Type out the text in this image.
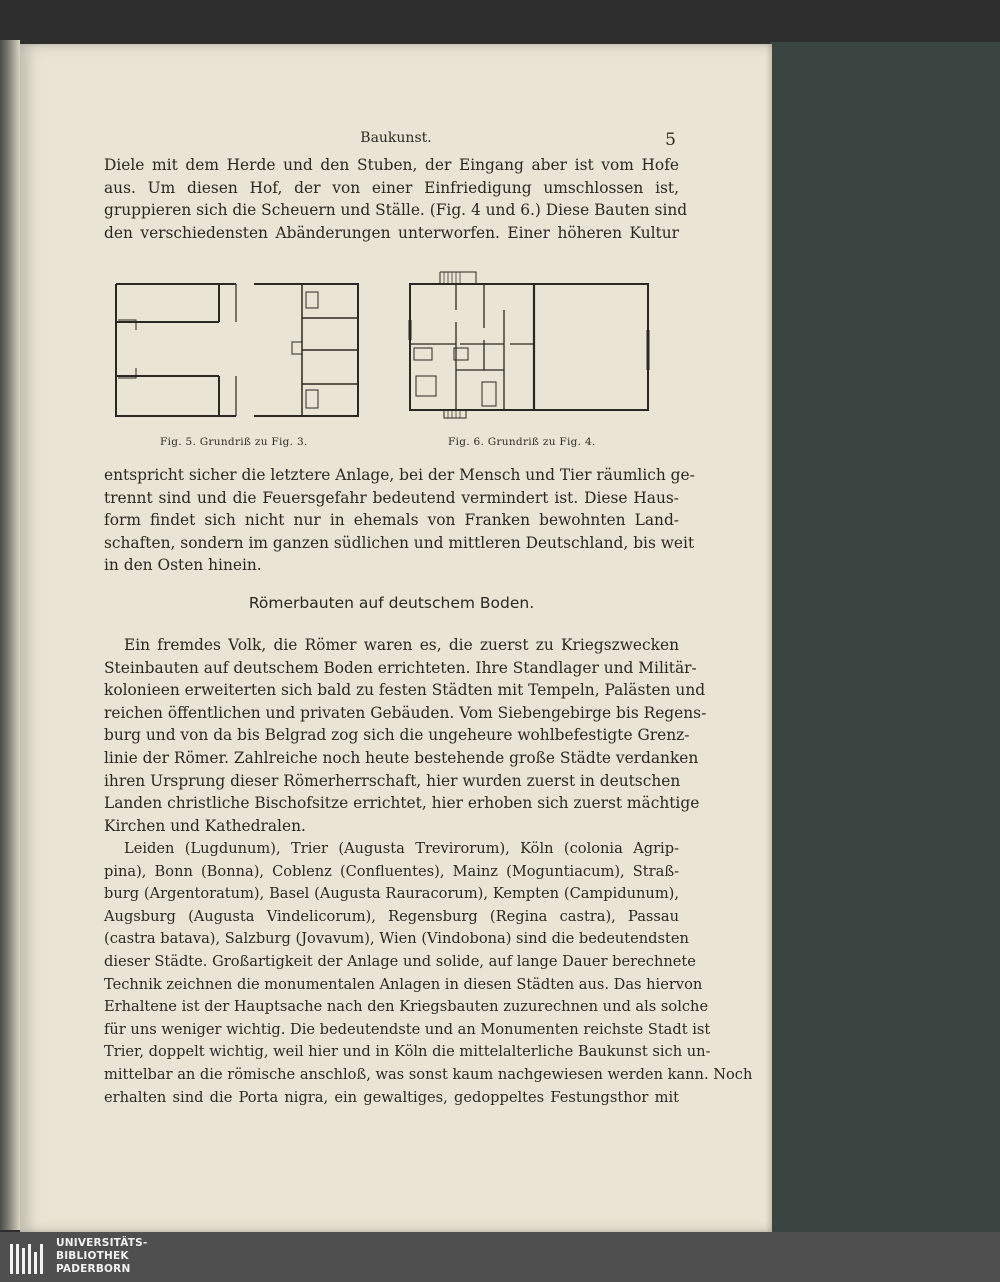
Baukunst.	5
Diele mit dem Herde und den Stuben, der Eingang aber ist vom Hofe
aus. Um diesen Hof, der von einer Einfriedigung umschlossen ist,
gruppieren sich die Scheuern und Ställe. (Fig. 4 und 6.) Diese Bauten sind
den verschiedensten Abänderungen unterworfen. Einer höheren Kultur
Fig. 5. Grundriß zu Fig. 3.	Fig. 6. Grundriß zu Fig. 4.
entspricht sicher die letztere Anlage, bei der Mensch und Tier räumlich ge-
trennt sind und die Feuersgefahr bedeutend vermindert ist. Diese Haus-
form findet sich nicht nur in ehemals von Franken bewohnten Land-
schaften, sondern im ganzen südlichen und mittleren Deutschland, bis weit
in den Osten hinein.
Römerbauten auf deutschem Boden.
Ein fremdes Volk, die Römer waren es, die zuerst zu Kriegszwecken
Steinbauten auf deutschem Boden errichteten. Ihre Standlager und Militär-
kolonieen erweiterten sich bald zu festen Städten mit Tempeln, Palästen und
reichen öffentlichen und privaten Gebäuden. Vom Siebengebirge bis Regens-
burg und von da bis Belgrad zog sich die ungeheure wohlbefestigte Grenz-
linie der Römer. Zahlreiche noch heute bestehende große Städte verdanken
ihren Ursprung dieser Römerherrschaft, hier wurden zuerst in deutschen
Landen christliche Bischofsitze errichtet, hier erhoben sich zuerst mächtige
Kirchen und Kathedralen.
Leiden (Lugdunum), Trier (Augusta Trevirorum), Köln (colonia Agrip-
pina), Bonn (Bonna), Coblenz (Confluentes), Mainz (Moguntiacum), Straß-
burg (Argentoratum), Basel (Augusta Rauracorum), Kempten (Campidunum),
Augsburg (Augusta Vindelicorum), Regensburg (Regina castra), Passau
(castra batava), Salzburg (Jovavum), Wien (Vindobona) sind die bedeutendsten
dieser Städte. Großartigkeit der Anlage und solide, auf lange Dauer berechnete
Technik zeichnen die monumentalen Anlagen in diesen Städten aus. Das hiervon
Erhaltene ist der Hauptsache nach den Kriegsbauten zuzurechnen und als solche
für uns weniger wichtig. Die bedeutendste und an Monumenten reichste Stadt ist
Trier, doppelt wichtig, weil hier und in Köln die mittelalterliche Baukunst sich un-
mittelbar an die römische anschloß, was sonst kaum nachgewiesen werden kann. Noch
erhalten sind die Porta nigra, ein gewaltiges, gedoppeltes Festungsthor mit
UNIVERSITÄTS-
BIBLIOTHEK
PADERBORN
